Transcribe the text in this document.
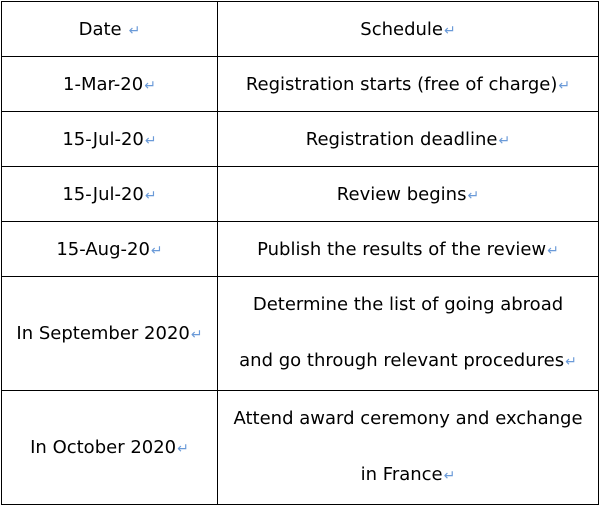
Date ↵	Schedule↵
1-Mar-20↵	Registration starts (free of charge)↵
15-Jul-20↵	Registration deadline↵
15-Jul-20↵	Review begins↵
15-Aug-20↵	Publish the results of the review↵
In September 2020↵	Determine the list of going abroad
and go through relevant procedures↵
In October 2020↵	Attend award ceremony and exchange
in France↵
